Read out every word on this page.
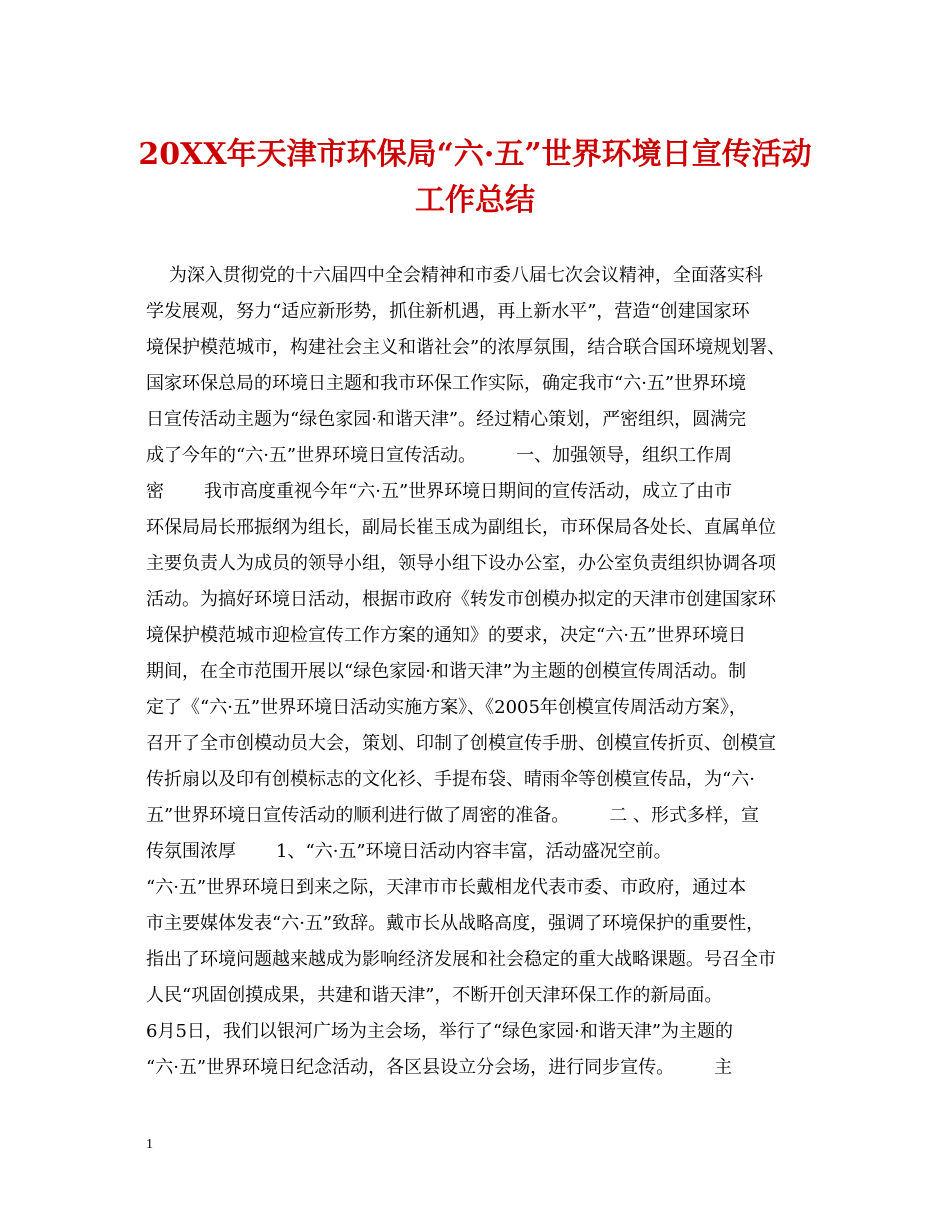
20XX年天津市环保局“六·五”世界环境日宣传活动
工作总结
为深入贯彻党的十六届四中全会精神和市委八届七次会议精神，全面落实科
学发展观，努力“适应新形势，抓住新机遇，再上新水平”，营造“创建国家环
境保护模范城市，构建社会主义和谐社会”的浓厚氛围，结合联合国环境规划署、
国家环保总局的环境日主题和我市环保工作实际，确定我市“六·五”世界环境
日宣传活动主题为“绿色家园·和谐天津”。经过精心策划，严密组织，圆满完
成了今年的“六·五”世界环境日宣传活动。       一、加强领导，组织工作周
密       我市高度重视今年“六·五”世界环境日期间的宣传活动，成立了由市
环保局局长邢振纲为组长，副局长崔玉成为副组长，市环保局各处长、直属单位
主要负责人为成员的领导小组，领导小组下设办公室，办公室负责组织协调各项
活动。为搞好环境日活动，根据市政府《转发市创模办拟定的天津市创建国家环
境保护模范城市迎检宣传工作方案的通知》的要求，决定“六·五”世界环境日
期间，在全市范围开展以“绿色家园·和谐天津”为主题的创模宣传周活动。制
定了《“六·五”世界环境日活动实施方案》、《2005年创模宣传周活动方案》，
召开了全市创模动员大会，策划、印制了创模宣传手册、创模宣传折页、创模宣
传折扇以及印有创模标志的文化衫、手提布袋、晴雨伞等创模宣传品，为“六·
五”世界环境日宣传活动的顺利进行做了周密的准备。       二 、形式多样，宣
传氛围浓厚       1、“六·五”环境日活动内容丰富，活动盛况空前。
“六·五”世界环境日到来之际，天津市市长戴相龙代表市委、市政府，通过本
市主要媒体发表“六·五”致辞。戴市长从战略高度，强调了环境保护的重要性，
指出了环境问题越来越成为影响经济发展和社会稳定的重大战略课题。号召全市
人民“巩固创摸成果，共建和谐天津”，不断开创天津环保工作的新局面。
6月5日，我们以银河广场为主会场，举行了“绿色家园·和谐天津”为主题的
“六·五”世界环境日纪念活动，各区县设立分会场，进行同步宣传。       主
1
